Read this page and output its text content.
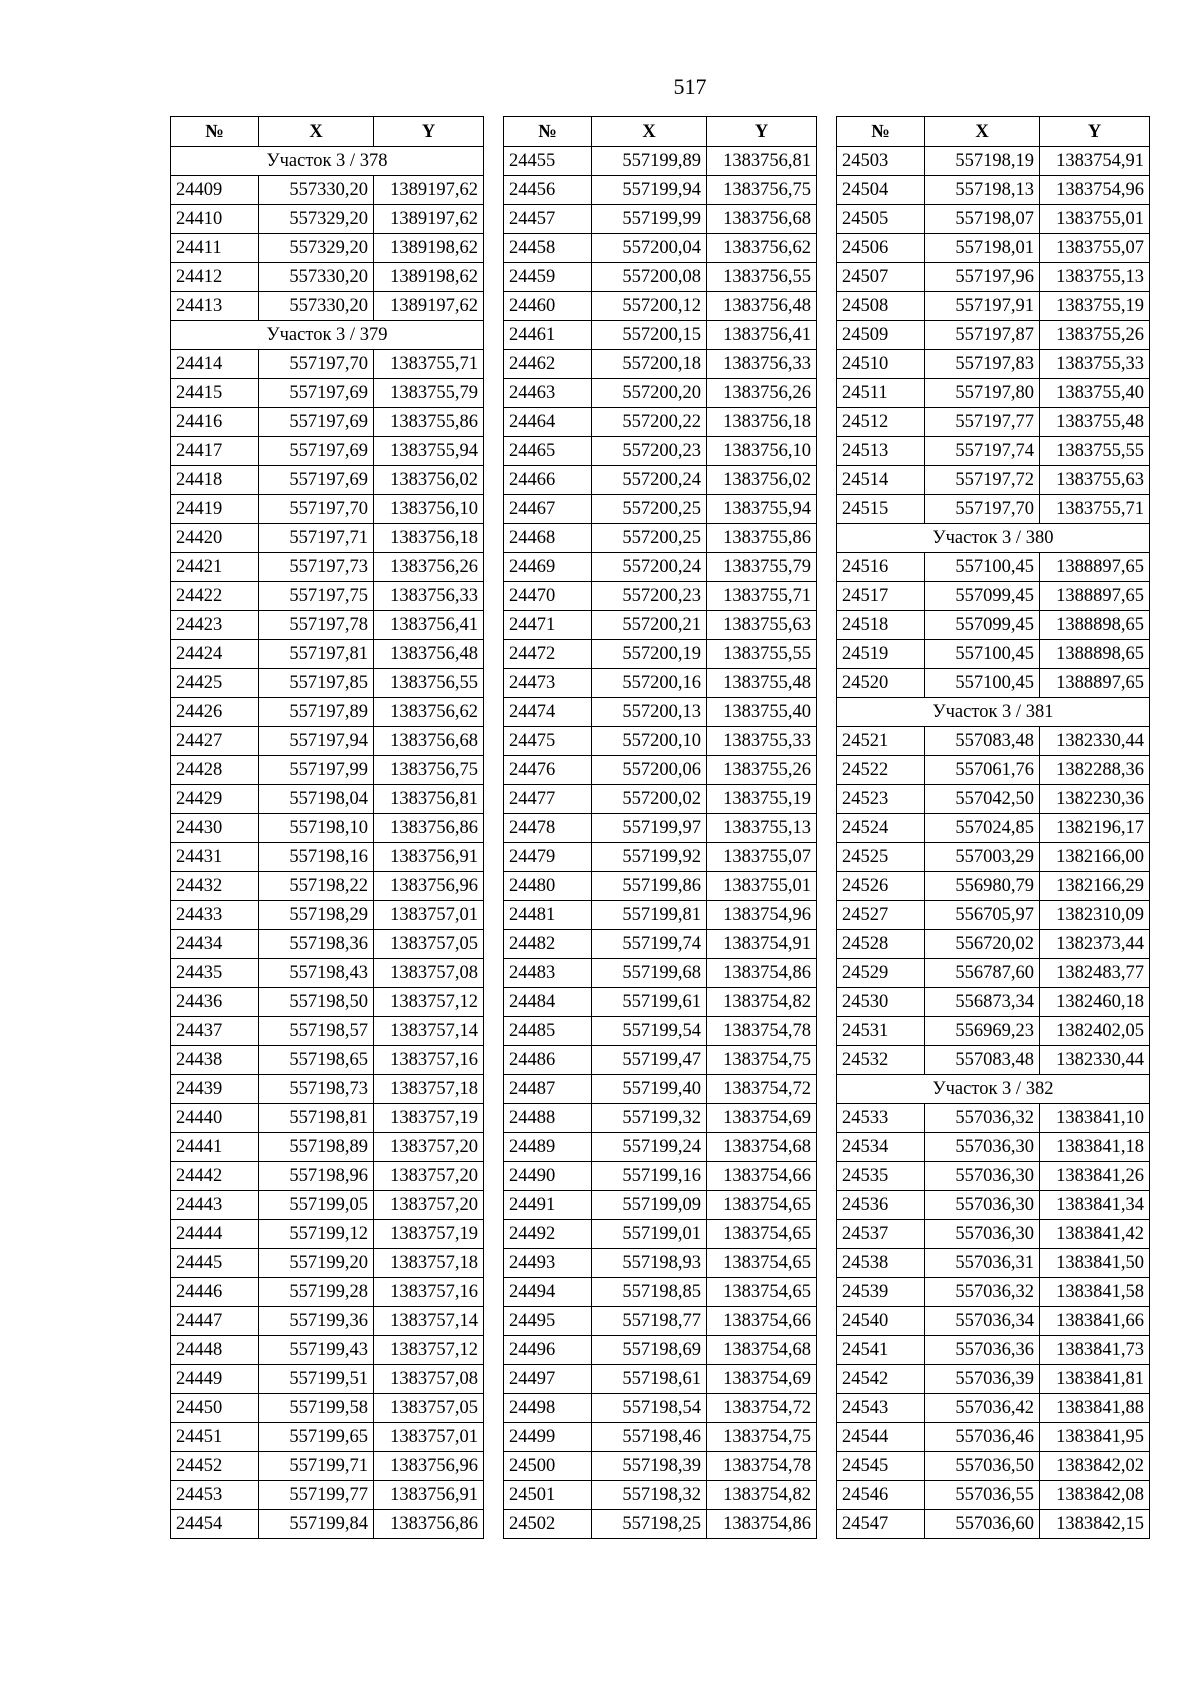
517
№	X	Y
Участок 3 / 378		
24409	557330,20	1389197,62
24410	557329,20	1389197,62
24411	557329,20	1389198,62
24412	557330,20	1389198,62
24413	557330,20	1389197,62
Участок 3 / 379		
24414	557197,70	1383755,71
24415	557197,69	1383755,79
24416	557197,69	1383755,86
24417	557197,69	1383755,94
24418	557197,69	1383756,02
24419	557197,70	1383756,10
24420	557197,71	1383756,18
24421	557197,73	1383756,26
24422	557197,75	1383756,33
24423	557197,78	1383756,41
24424	557197,81	1383756,48
24425	557197,85	1383756,55
24426	557197,89	1383756,62
24427	557197,94	1383756,68
24428	557197,99	1383756,75
24429	557198,04	1383756,81
24430	557198,10	1383756,86
24431	557198,16	1383756,91
24432	557198,22	1383756,96
24433	557198,29	1383757,01
24434	557198,36	1383757,05
24435	557198,43	1383757,08
24436	557198,50	1383757,12
24437	557198,57	1383757,14
24438	557198,65	1383757,16
24439	557198,73	1383757,18
24440	557198,81	1383757,19
24441	557198,89	1383757,20
24442	557198,96	1383757,20
24443	557199,05	1383757,20
24444	557199,12	1383757,19
24445	557199,20	1383757,18
24446	557199,28	1383757,16
24447	557199,36	1383757,14
24448	557199,43	1383757,12
24449	557199,51	1383757,08
24450	557199,58	1383757,05
24451	557199,65	1383757,01
24452	557199,71	1383756,96
24453	557199,77	1383756,91
24454	557199,84	1383756,86
№	X	Y
24455	557199,89	1383756,81
24456	557199,94	1383756,75
24457	557199,99	1383756,68
24458	557200,04	1383756,62
24459	557200,08	1383756,55
24460	557200,12	1383756,48
24461	557200,15	1383756,41
24462	557200,18	1383756,33
24463	557200,20	1383756,26
24464	557200,22	1383756,18
24465	557200,23	1383756,10
24466	557200,24	1383756,02
24467	557200,25	1383755,94
24468	557200,25	1383755,86
24469	557200,24	1383755,79
24470	557200,23	1383755,71
24471	557200,21	1383755,63
24472	557200,19	1383755,55
24473	557200,16	1383755,48
24474	557200,13	1383755,40
24475	557200,10	1383755,33
24476	557200,06	1383755,26
24477	557200,02	1383755,19
24478	557199,97	1383755,13
24479	557199,92	1383755,07
24480	557199,86	1383755,01
24481	557199,81	1383754,96
24482	557199,74	1383754,91
24483	557199,68	1383754,86
24484	557199,61	1383754,82
24485	557199,54	1383754,78
24486	557199,47	1383754,75
24487	557199,40	1383754,72
24488	557199,32	1383754,69
24489	557199,24	1383754,68
24490	557199,16	1383754,66
24491	557199,09	1383754,65
24492	557199,01	1383754,65
24493	557198,93	1383754,65
24494	557198,85	1383754,65
24495	557198,77	1383754,66
24496	557198,69	1383754,68
24497	557198,61	1383754,69
24498	557198,54	1383754,72
24499	557198,46	1383754,75
24500	557198,39	1383754,78
24501	557198,32	1383754,82
24502	557198,25	1383754,86
№	X	Y
24503	557198,19	1383754,91
24504	557198,13	1383754,96
24505	557198,07	1383755,01
24506	557198,01	1383755,07
24507	557197,96	1383755,13
24508	557197,91	1383755,19
24509	557197,87	1383755,26
24510	557197,83	1383755,33
24511	557197,80	1383755,40
24512	557197,77	1383755,48
24513	557197,74	1383755,55
24514	557197,72	1383755,63
24515	557197,70	1383755,71
Участок 3 / 380		
24516	557100,45	1388897,65
24517	557099,45	1388897,65
24518	557099,45	1388898,65
24519	557100,45	1388898,65
24520	557100,45	1388897,65
Участок 3 / 381		
24521	557083,48	1382330,44
24522	557061,76	1382288,36
24523	557042,50	1382230,36
24524	557024,85	1382196,17
24525	557003,29	1382166,00
24526	556980,79	1382166,29
24527	556705,97	1382310,09
24528	556720,02	1382373,44
24529	556787,60	1382483,77
24530	556873,34	1382460,18
24531	556969,23	1382402,05
24532	557083,48	1382330,44
Участок 3 / 382		
24533	557036,32	1383841,10
24534	557036,30	1383841,18
24535	557036,30	1383841,26
24536	557036,30	1383841,34
24537	557036,30	1383841,42
24538	557036,31	1383841,50
24539	557036,32	1383841,58
24540	557036,34	1383841,66
24541	557036,36	1383841,73
24542	557036,39	1383841,81
24543	557036,42	1383841,88
24544	557036,46	1383841,95
24545	557036,50	1383842,02
24546	557036,55	1383842,08
24547	557036,60	1383842,15
